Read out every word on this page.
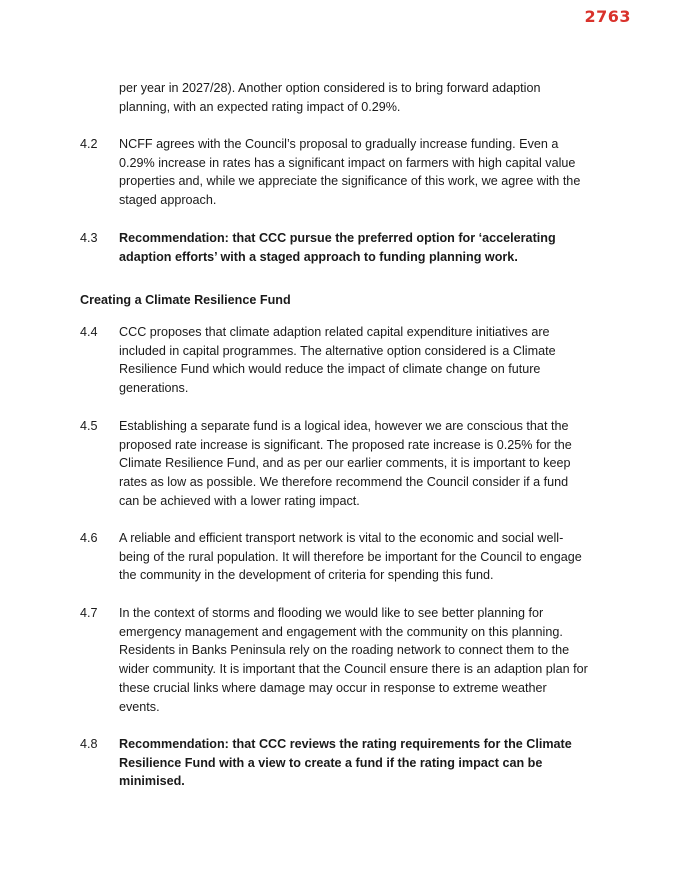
2763

per year in 2027/28). Another option considered is to bring forward adaption planning, with an expected rating impact of 0.29%.

4.2 NCFF agrees with the Council’s proposal to gradually increase funding. Even a 0.29% increase in rates has a significant impact on farmers with high capital value properties and, while we appreciate the significance of this work, we agree with the staged approach.

4.3 Recommendation: that CCC pursue the preferred option for ‘accelerating adaption efforts’ with a staged approach to funding planning work.

Creating a Climate Resilience Fund

4.4 CCC proposes that climate adaption related capital expenditure initiatives are included in capital programmes. The alternative option considered is a Climate Resilience Fund which would reduce the impact of climate change on future generations.

4.5 Establishing a separate fund is a logical idea, however we are conscious that the proposed rate increase is significant. The proposed rate increase is 0.25% for the Climate Resilience Fund, and as per our earlier comments, it is important to keep rates as low as possible. We therefore recommend the Council consider if a fund can be achieved with a lower rating impact.

4.6 A reliable and efficient transport network is vital to the economic and social well-being of the rural population. It will therefore be important for the Council to engage the community in the development of criteria for spending this fund.

4.7 In the context of storms and flooding we would like to see better planning for emergency management and engagement with the community on this planning. Residents in Banks Peninsula rely on the roading network to connect them to the wider community. It is important that the Council ensure there is an adaption plan for these crucial links where damage may occur in response to extreme weather events.

4.8 Recommendation: that CCC reviews the rating requirements for the Climate Resilience Fund with a view to create a fund if the rating impact can be minimised.
